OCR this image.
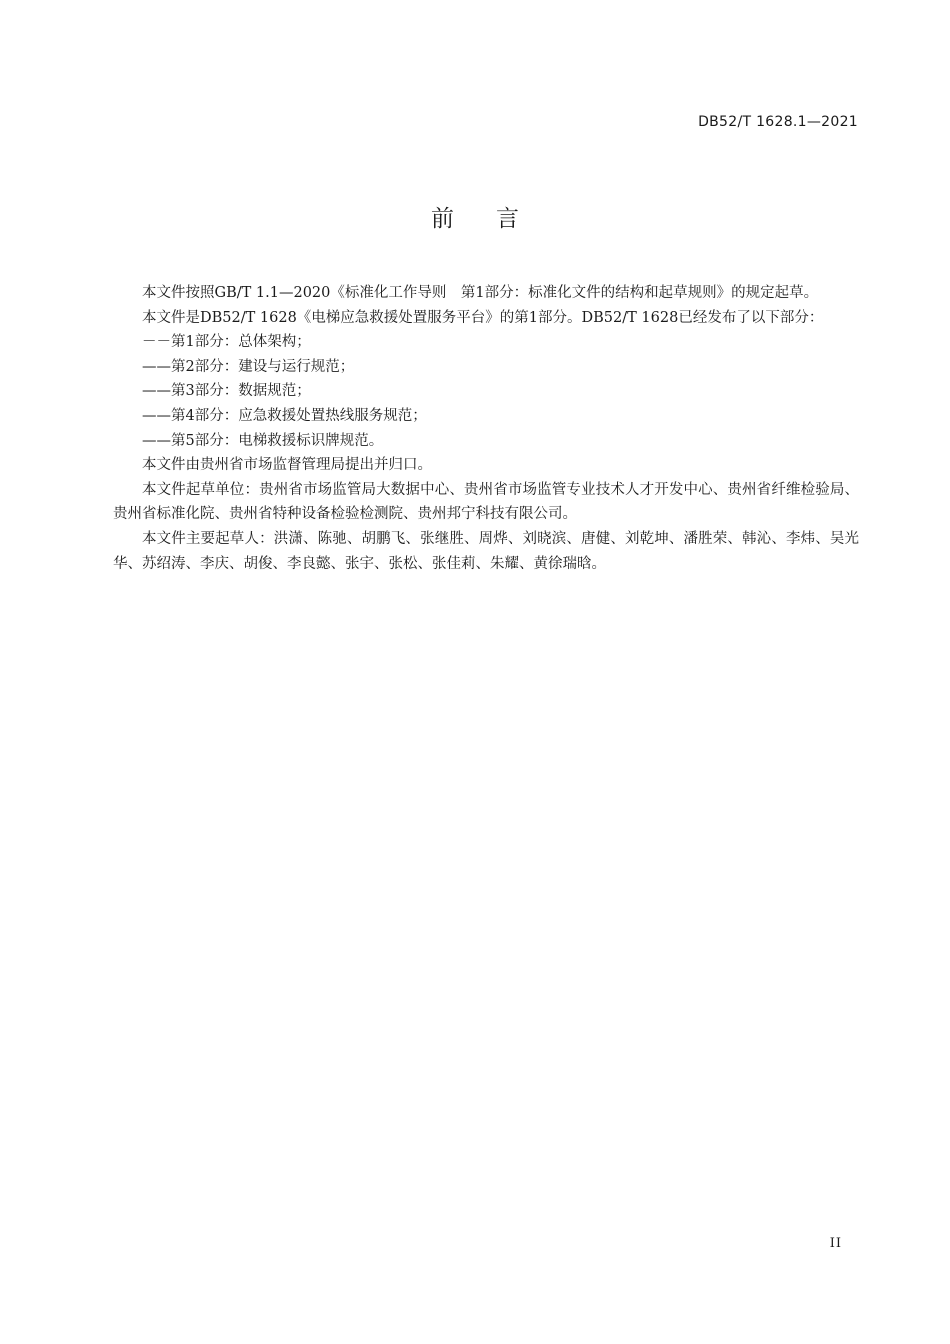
DB52/T 1628.1—2021
前言

本文件按照GB/T 1.1—2020《标准化工作导则　第1部分：标准化文件的结构和起草规则》的规定起草。

本文件是DB52/T 1628《电梯应急救援处置服务平台》的第1部分。DB52/T 1628已经发布了以下部分：

－－第1部分：总体架构；

——第2部分：建设与运行规范；

——第3部分：数据规范；

——第4部分：应急救援处置热线服务规范；

——第5部分：电梯救援标识牌规范。

本文件由贵州省市场监督管理局提出并归口。

本文件起草单位：贵州省市场监管局大数据中心、贵州省市场监管专业技术人才开发中心、贵州省纤维检验局、贵州省标准化院、贵州省特种设备检验检测院、贵州邦宁科技有限公司。

本文件主要起草人：洪潇、陈驰、胡鹏飞、张继胜、周烨、刘晓滨、唐健、刘乾坤、潘胜荣、韩沁、李炜、吴光华、苏绍涛、李庆、胡俊、李良懿、张宇、张松、张佳莉、朱耀、黄徐瑞晗。

II
